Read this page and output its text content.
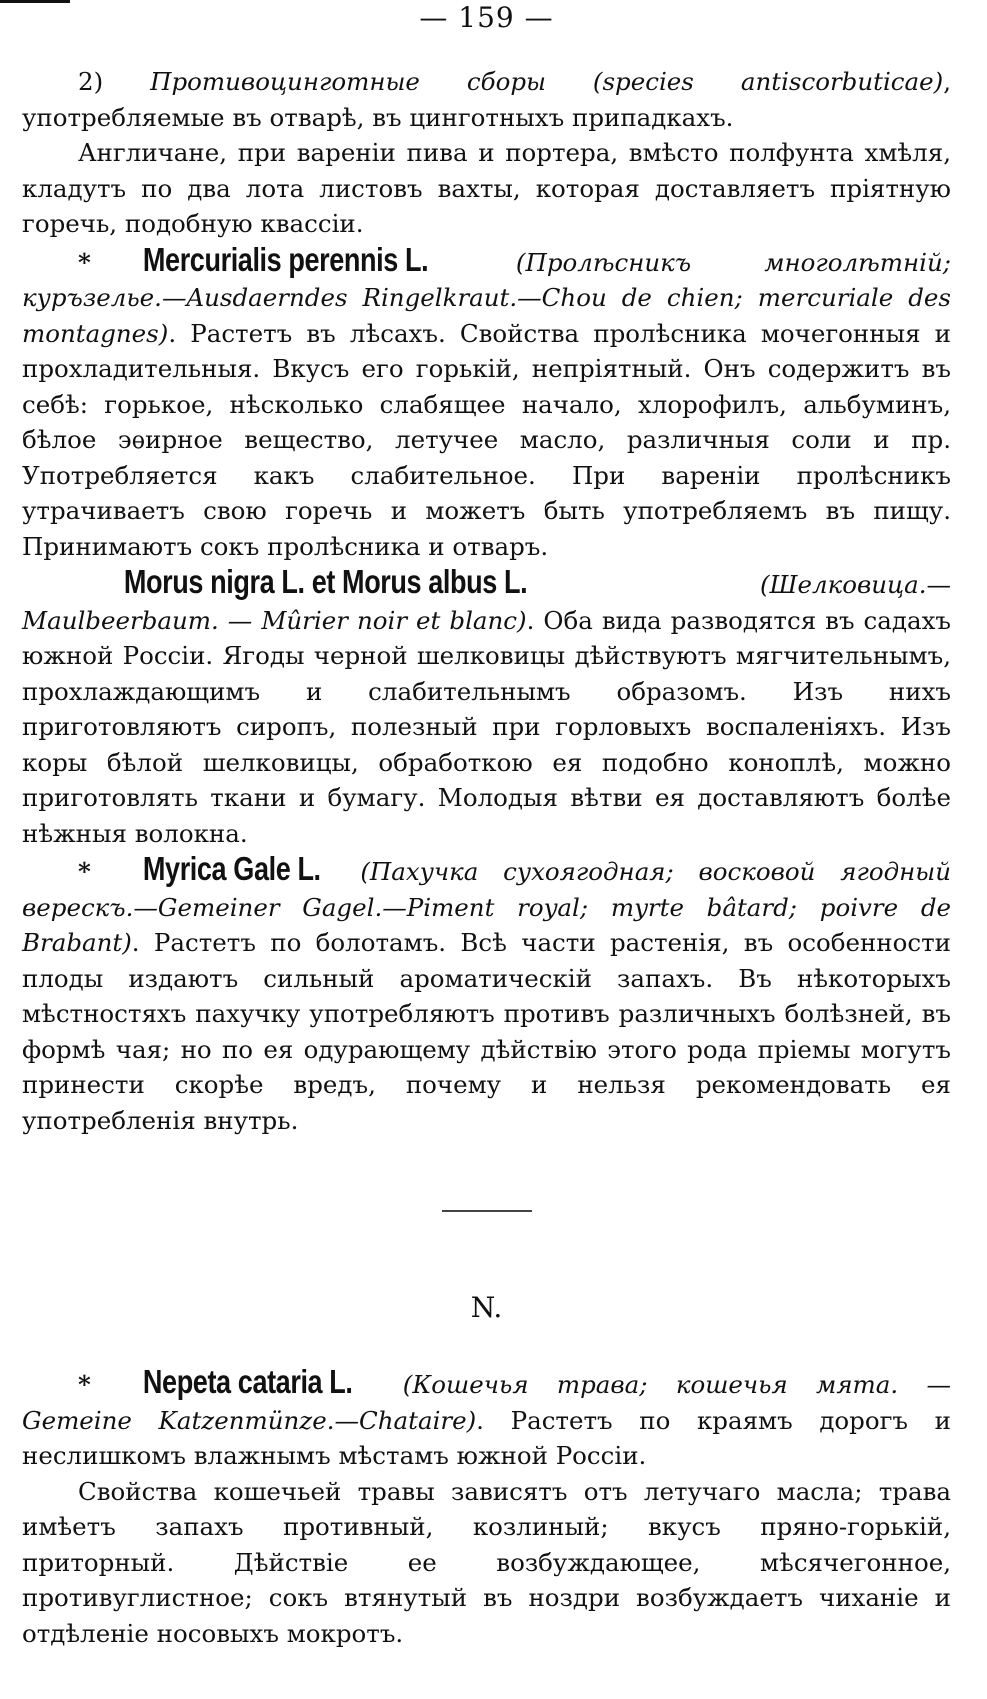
— 159 —

2) Противоцинготные сборы (species antiscorbuticae), употребляемые въ отварѣ, въ цинготныхъ припадкахъ.

Англичане, при вареніи пива и портера, вмѣсто полфунта хмѣля, кладутъ по два лота листовъ вахты, которая доставляетъ пріятную горечь, подобную квассіи.

* Mercurialis perennis L.	(Пролѣсникъ многолѣтній; куръзелье.—Ausdaerndes Ringelkraut.—Chou de chien; mercuriale des montagnes). Растетъ въ лѣсахъ. Свойства пролѣсника мочегонныя и прохладительныя. Вкусъ его горькій, непріятный. Онъ содержитъ въ себѣ: горькое, нѣсколько слабящее начало, хлорофилъ, альбуминъ, бѣлое эѳирное вещество, летучее масло, различныя соли и пр. Употребляется какъ слабительное. При вареніи пролѣсникъ утрачиваетъ свою горечь и можетъ быть употребляемъ въ пищу. Принимаютъ сокъ пролѣсника и отваръ.

Morus nigra L. et Morus albus L.	(Шелковица.—Maulbeerbaum. — Mûrier noir et blanc). Оба вида разводятся въ садахъ южной Россіи. Ягоды черной шелковицы дѣйствуютъ мягчительнымъ, прохлаждающимъ и слабительнымъ образомъ. Изъ нихъ приготовляютъ сиропъ, полезный при горловыхъ воспаленіяхъ. Изъ коры бѣлой шелковицы, обработкою ея подобно коноплѣ, можно приготовлять ткани и бумагу. Молодыя вѣтви ея доставляютъ болѣе нѣжныя волокна.

* Myrica Gale L. (Пахучка сухоягодная; восковой ягодный верескъ.—Gemeiner Gagel.—Piment royal; myrte bâtard; poivre de Brabant). Растетъ по болотамъ. Всѣ части растенія, въ особенности плоды издаютъ сильный ароматическій запахъ. Въ нѣкоторыхъ мѣстностяхъ пахучку употребляютъ противъ различныхъ болѣзней, въ формѣ чая; но по ея одурающему дѣйствію этого рода пріемы могутъ принести скорѣе вредъ, почему и нельзя рекомендовать ея употребленія внутрь.

N.

* Nepeta cataria L. (Кошечья трава; кошечья мята. — Gemeine Katzenmünze.—Chataire). Растетъ по краямъ дорогъ и неслишкомъ влажнымъ мѣстамъ южной Россіи.

Свойства кошечьей травы зависятъ отъ летучаго масла; трава имѣетъ запахъ противный, козлиный; вкусъ пряно-горькій, приторный. Дѣйствіе ее возбуждающее, мѣсячегонное, противуглистное; сокъ втянутый въ ноздри возбуждаетъ чиханіе и отдѣленіе носовыхъ мокротъ.
